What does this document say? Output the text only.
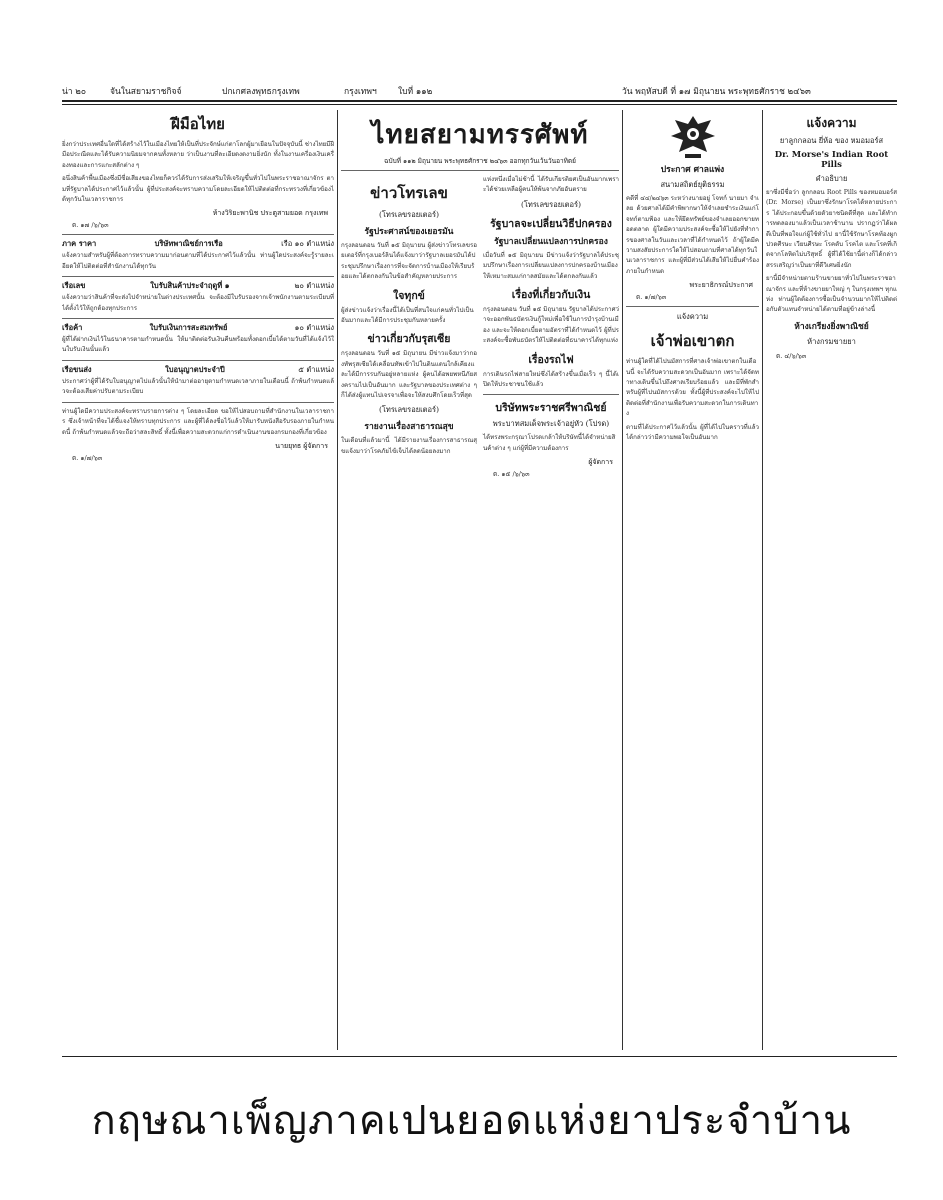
น่า ๒๐	จันในสยามราชกิจจ์	ปกเกศลงพุทธกรุงเทพ	กรุงเทพฯ	ใบที่ ๑๑๒	วัน พฤหัสบดี ที่ ๑๗ มิถุนายน พระพุทธศักราช ๒๔๖๓
ฝีมือไทย

ยิ่งกว่าประเทศอื่นใดที่ได้สร้างไว้ในเมืองไทยให้เป็นที่ประจักษ์แก่ตาโลกผู้มาเยือนในปัจจุบันนี้ ช่างไทยมีฝีมือประณีตและได้รับความนิยมจากคนทั้งหลาย ว่าเป็นงานที่ละเอียดงดงามยิ่งนัก ทั้งในงานเครื่องเงินเครื่องทองและการแกะสลักต่าง ๆ

อนึ่งสินค้าพื้นเมืองซึ่งมีชื่อเสียงของไทยก็ควรได้รับการส่งเสริมให้เจริญขึ้นทั่วไปในพระราชอาณาจักร ตามที่รัฐบาลได้ประกาศไว้แล้วนั้น ผู้ที่ประสงค์จะทราบความโดยละเอียดให้ไปติดต่อที่กระทรวงที่เกี่ยวข้องได้ทุกวันในเวลาราชการ

ห้างวิริยะพานิช ประตูสามยอด กรุงเทพ
ต. ๑๗ /๖/๖๓
ภาค ราคา	บริษัทพาณิชย์การเรือ	เรือ ๑๐ ตำแหน่ง

แจ้งความสำหรับผู้ที่ต้องการทราบความมาก่อนตามที่ได้ประกาศไว้แล้วนั้น ท่านผู้ใดประสงค์จะรู้รายละเอียดให้ไปติดต่อที่สำนักงานได้ทุกวัน

เรือเลข	ใบรับสินค้าประจำฤดูที่ ๑	๒๐ ตำแหน่ง

แจ้งความว่าสินค้าที่จะส่งไปจำหน่ายในต่างประเทศนั้น จะต้องมีใบรับรองจากเจ้าพนักงานตามระเบียบที่ได้ตั้งไว้ให้ถูกต้องทุกประการ

เรือค้า	ใบรับเงินการสะสมทรัพย์	๑๐ ตำแหน่ง

ผู้ที่ได้ฝากเงินไว้ในธนาคารตามกำหนดนั้น ให้มาติดต่อรับเงินคืนพร้อมทั้งดอกเบี้ยได้ตามวันที่ได้แจ้งไว้ในใบรับเงินนั้นแล้ว

เรือขนส่ง	ใบอนุญาตประจำปี	๕ ตำแหน่ง

ประกาศว่าผู้ที่ได้รับใบอนุญาตไปแล้วนั้นให้นำมาต่ออายุตามกำหนดเวลาภายในเดือนนี้ ถ้าพ้นกำหนดแล้วจะต้องเสียค่าปรับตามระเบียบ

ท่านผู้ใดมีความประสงค์จะทราบรายการต่าง ๆ โดยละเอียด ขอให้ไปสอบถามที่สำนักงานในเวลาราชการ ซึ่งเจ้าหน้าที่จะได้ชี้แจงให้ทราบทุกประการ และผู้ที่ได้ลงชื่อไว้แล้วให้มารับหนังสือรับรองภายในกำหนดนี้ ถ้าพ้นกำหนดแล้วจะถือว่าสละสิทธิ์ ทั้งนี้เพื่อความสะดวกแก่การดำเนินงานของกรมกองที่เกี่ยวข้อง

นายยุทธ ผู้จัดการ
ต. ๑/๗/๖๓
ไทยสยามทรรศัพท์
ฉบับที่ ๑๑๒ มิถุนายน พระพุทธศักราช ๒๔๖๓ ออกทุกวันเว้นวันอาทิตย์
ข่าวโทรเลข
(โทรเลขรอยเตอร์)
รัฐประศาสน์ของเยอรมัน

กรุงลอนดอน วันที่ ๑๕ มิถุนายน ผู้ส่งข่าวโทรเลขรอยเตอร์ที่กรุงเบอร์ลินได้แจ้งมาว่ารัฐบาลเยอรมันได้ประชุมปรึกษาเรื่องการที่จะจัดการบ้านเมืองให้เรียบร้อยและได้ตกลงกันในข้อสำคัญหลายประการ

ใจทุกข์

ผู้ส่งข่าวแจ้งว่าเรื่องนี้ได้เป็นที่สนใจแก่คนทั่วไปเป็นอันมากและได้มีการประชุมกันหลายครั้ง

ข่าวเกี่ยวกับรุสเซีย

กรุงลอนดอน วันที่ ๑๕ มิถุนายน มีข่าวแจ้งมาว่ากองทัพรุสเซียได้เคลื่อนทัพเข้าไปในดินแดนใกล้เคียงและได้มีการรบกันอยู่หลายแห่ง ผู้คนได้อพยพหนีภัยสงครามไปเป็นอันมาก และรัฐบาลของประเทศต่าง ๆ ก็ได้ส่งผู้แทนไปเจรจาเพื่อจะให้สงบศึกโดยเร็วที่สุด

(โทรเลขรอยเตอร์)
รายงานเรื่องสาธารณสุข

ในเดือนที่แล้วมานี้ ได้มีรายงานเรื่องการสาธารณสุขแจ้งมาว่าโรคภัยไข้เจ็บได้ลดน้อยลงมาก

แห่งหนึ่งเมื่อไม่ช้านี้ ได้รับเกียรติยศเป็นอันมากเพราะได้ช่วยเหลือผู้คนให้พ้นจากภัยอันตราย

(โทรเลขรอยเตอร์)
รัฐบาลจะเปลี่ยนวิธีปกครอง
รัฐบาลเปลี่ยนแปลงการปกครอง

เมื่อวันที่ ๑๕ มิถุนายน มีข่าวแจ้งว่ารัฐบาลได้ประชุมปรึกษาเรื่องการเปลี่ยนแปลงการปกครองบ้านเมืองให้เหมาะสมแก่กาลสมัยและได้ตกลงกันแล้ว

เรื่องที่เกี่ยวกับเงิน

กรุงลอนดอน วันที่ ๑๕ มิถุนายน รัฐบาลได้ประกาศว่าจะออกพันธบัตรเงินกู้ใหม่เพื่อใช้ในการบำรุงบ้านเมือง และจะให้ดอกเบี้ยตามอัตราที่ได้กำหนดไว้ ผู้ที่ประสงค์จะซื้อพันธบัตรให้ไปติดต่อที่ธนาคารได้ทุกแห่ง

เรื่องรถไฟ

การเดินรถไฟสายใหม่ซึ่งได้สร้างขึ้นเมื่อเร็ว ๆ นี้ได้เปิดให้ประชาชนใช้แล้ว

บริษัทพระราชศรีพาณิชย์
พระบาทสมเด็จพระเจ้าอยู่หัว (โปรด)

ได้ทรงพระกรุณาโปรดเกล้าให้บริษัทนี้ได้จำหน่ายสินค้าต่าง ๆ แก่ผู้ที่มีความต้องการ

ผู้จัดการ
ต. ๑๕ /๖/๖๓
ประกาศ ศาลแพ่ง
สนามสถิตย์ยุติธรรม

คดีที่ ๔๔/๒๔๖๓ ระหว่างนายอยู่ โจทก์ นายมา จำเลย ด้วยศาลได้มีคำพิพากษาให้จำเลยชำระเงินแก่โจทก์ตามฟ้อง และให้ยึดทรัพย์ของจำเลยออกขายทอดตลาด ผู้ใดมีความประสงค์จะซื้อให้ไปยังที่ทำการของศาลในวันและเวลาที่ได้กำหนดไว้ ถ้าผู้ใดมีความสงสัยประการใดให้ไปสอบถามที่ศาลได้ทุกวันในเวลาราชการ และผู้ที่มีส่วนได้เสียให้ไปยื่นคำร้องภายในกำหนด

พระยาธิกรณ์ประกาศ
ต. ๑/๗/๖๓
แจ้งความ
เจ้าพ่อเขาตก

ท่านผู้ใดที่ได้ไปนมัสการที่ศาลเจ้าพ่อเขาตกในเดือนนี้ จะได้รับความสะดวกเป็นอันมาก เพราะได้จัดทำทางเดินขึ้นไปถึงศาลเรียบร้อยแล้ว และมีที่พักสำหรับผู้ที่ไปนมัสการด้วย ทั้งนี้ผู้ที่ประสงค์จะไปให้ไปติดต่อที่สำนักงานเพื่อรับความสะดวกในการเดินทาง

ตามที่ได้ประกาศไว้แล้วนั้น ผู้ที่ได้ไปในคราวที่แล้วได้กล่าวว่ามีความพอใจเป็นอันมาก

แจ้งความ
ยาลูกกลอน ยี่ห้อ ของ หมอมอร์ส
Dr. Morse's Indian Root Pills
คำอธิบาย

ยาซึ่งมีชื่อว่า ลูกกลอน Root Pills ของหมอมอร์ส (Dr. Morse) เป็นยาซึ่งรักษาโรคได้หลายประการ ได้ประกอบขึ้นด้วยตัวยาชนิดดีที่สุด และได้ทำการทดลองมาแล้วเป็นเวลาช้านาน ปรากฏว่าได้ผลดีเป็นที่พอใจแก่ผู้ใช้ทั่วไป ยานี้ใช้รักษาโรคท้องผูก ปวดศีรษะ เวียนศีรษะ โรคตับ โรคไต และโรคที่เกิดจากโลหิตไม่บริสุทธิ์ ผู้ที่ได้ใช้ยานี้ต่างก็ได้กล่าวสรรเสริญว่าเป็นยาที่ดีวิเศษยิ่งนัก

ยานี้มีจำหน่ายตามร้านขายยาทั่วไปในพระราชอาณาจักร และที่ห้างขายยาใหญ่ ๆ ในกรุงเทพฯ ทุกแห่ง ท่านผู้ใดต้องการซื้อเป็นจำนวนมากให้ไปติดต่อกับตัวแทนจำหน่ายได้ตามที่อยู่ข้างล่างนี้

ห้างเกรียงยิ่งพาณิชย์
ห้างกรมขายยา
ต. ๔/๖/๖๓
กฤษณาเพ็ญภาคเปนยอดแห่งยาประจำบ้าน
